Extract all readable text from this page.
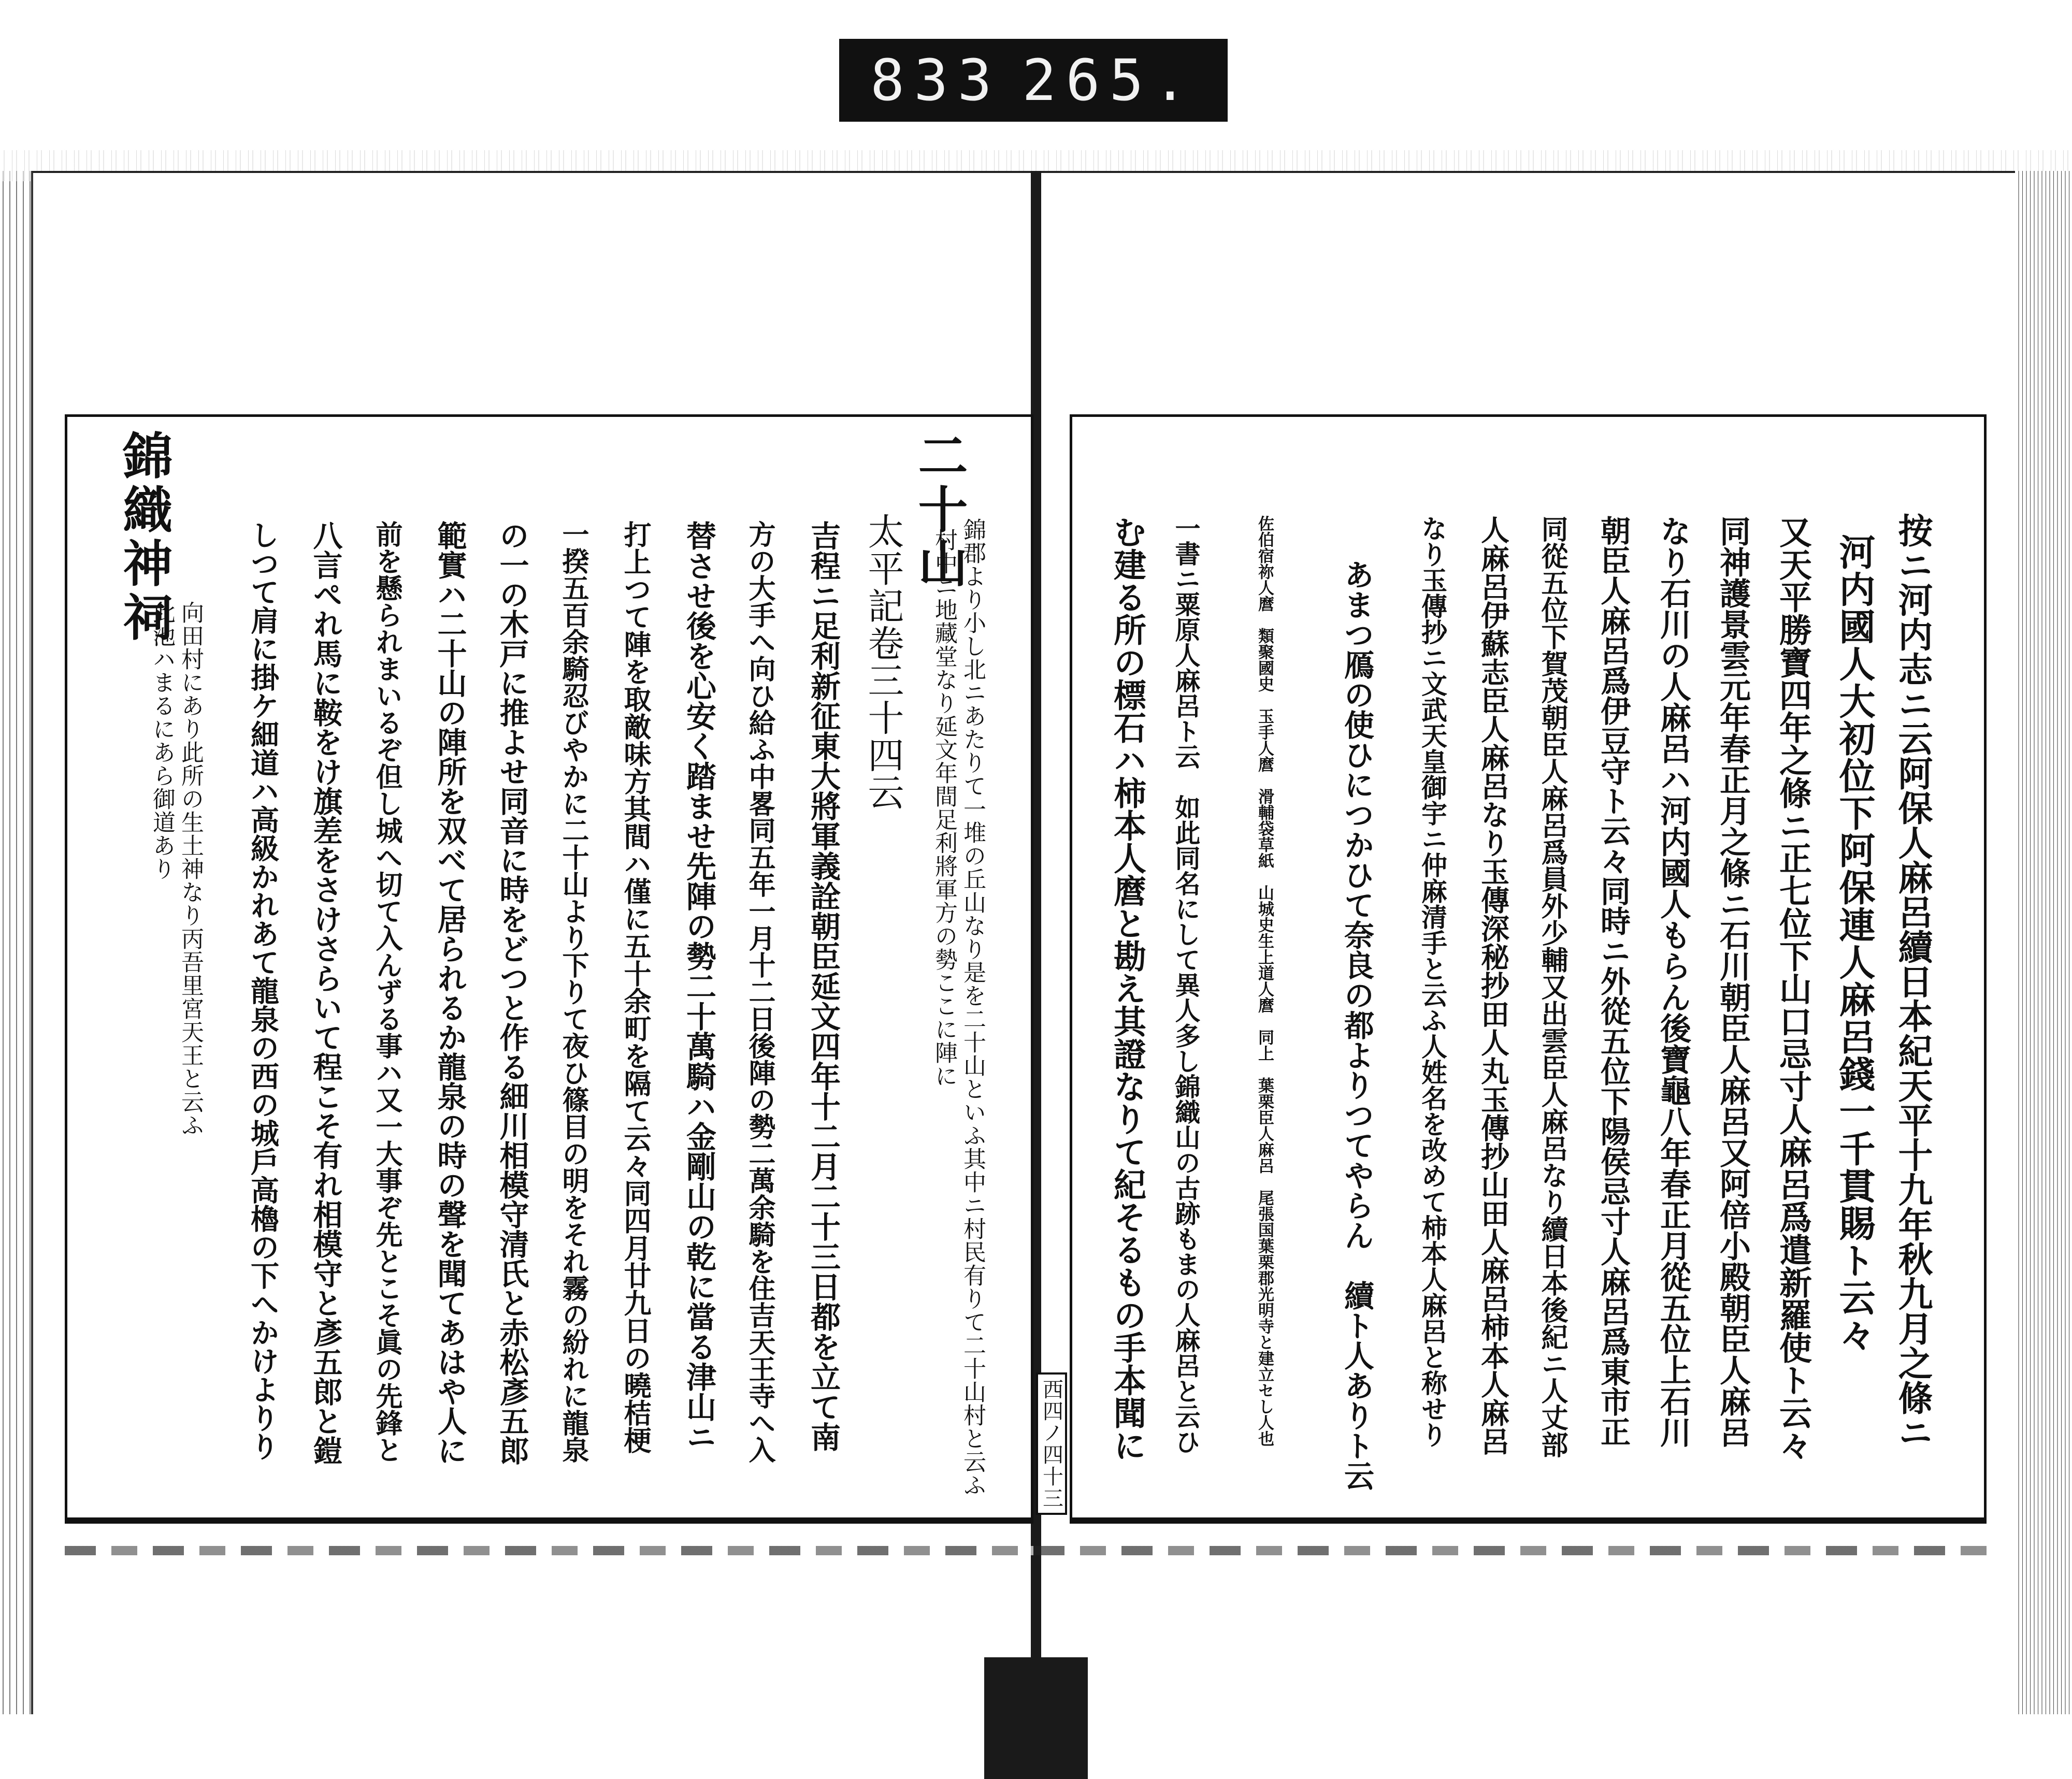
833 265.
二十山
錦郡より小し北ニあたりて一堆の丘山なり是を二十山といふ其中ニ村民有りて二十山村と云ふ
村中ニ地藏堂なり延文年間足利將軍方の勢ここに陣に
太平記卷三十四云
吉程ニ足利新征東大將軍義詮朝臣延文四年十二月二十三日都を立て南
方の大手へ向ひ給ふ中畧同五年一月十二日後陣の勢二萬余騎を住吉天王寺へ入
替させ後を心安く踏ませ先陣の勢二十萬騎ハ金剛山の乾に當る津山ニ
打上つて陣を取敵味方其間ハ僅に五十余町を隔て云々同四月廿九日の曉桔梗
一揆五百余騎忍びやかに二十山より下りて夜ひ篠目の明をそれ霧の紛れに龍泉
の一の木戸に推よせ同音に時をどつと作る細川相模守清氏と赤松彥五郎
範實ハ二十山の陣所を双べて居られるか龍泉の時の聲を聞てあはや人に
前を懸られまいるぞ但し城へ切て入んずる事ハ又一大事ぞ先とこそ眞の先鋒と
八言ぺれ馬に鞍をけ旗差をさけさらいて程こそ有れ相模守と彥五郎と鎧
しつて肩に掛ケ細道ハ高級かれあて龍泉の西の城戶高櫓の下へかけよりり
錦織神祠
向田村にあり此所の生土神なり丙吾里宮天王と云ふ
此池ハまるにあら御道あり
西四ノ四十三	按ニ河内志ニ云阿保人麻呂續日本紀天平十九年秋九月之條ニ
河内國人大初位下阿保連人麻呂錢一千貫賜ト云々
又天平勝寶四年之條ニ正七位下山口忌寸人麻呂爲遣新羅使ト云々
同神護景雲元年春正月之條ニ石川朝臣人麻呂又阿倍小殿朝臣人麻呂
なり石川の人麻呂ハ河内國人もらん後寶龜八年春正月從五位上石川
朝臣人麻呂爲伊豆守ト云々同時ニ外從五位下陽侯忌寸人麻呂爲東市正
同從五位下賀茂朝臣人麻呂爲員外少輔又出雲臣人麻呂なり續日本後紀ニ人丈部
人麻呂伊蘇志臣人麻呂なり玉傳深秘抄田人丸玉傳抄山田人麻呂柿本人麻呂
なり玉傳抄ニ文武天皇御宇ニ仲麻清手と云ふ人姓名を改めて柿本人麻呂と称せり
あまつ鴈の使ひにつかひて奈良の都よりつてやらん　續ト人ありト云
佐伯宿祢人麿　類聚國史　玉手人麿　滑輔袋草紙　山城史生上道人麿　同上　葉栗臣人麻呂　尾張国葉栗郡光明寺と建立セし人也
一書ニ粟原人麻呂ト云　如此同名にして異人多し錦織山の古跡もまの人麻呂と云ひ
む建る所の標石ハ柿本人麿と勘え其證なりて紀そるもの手本聞に
